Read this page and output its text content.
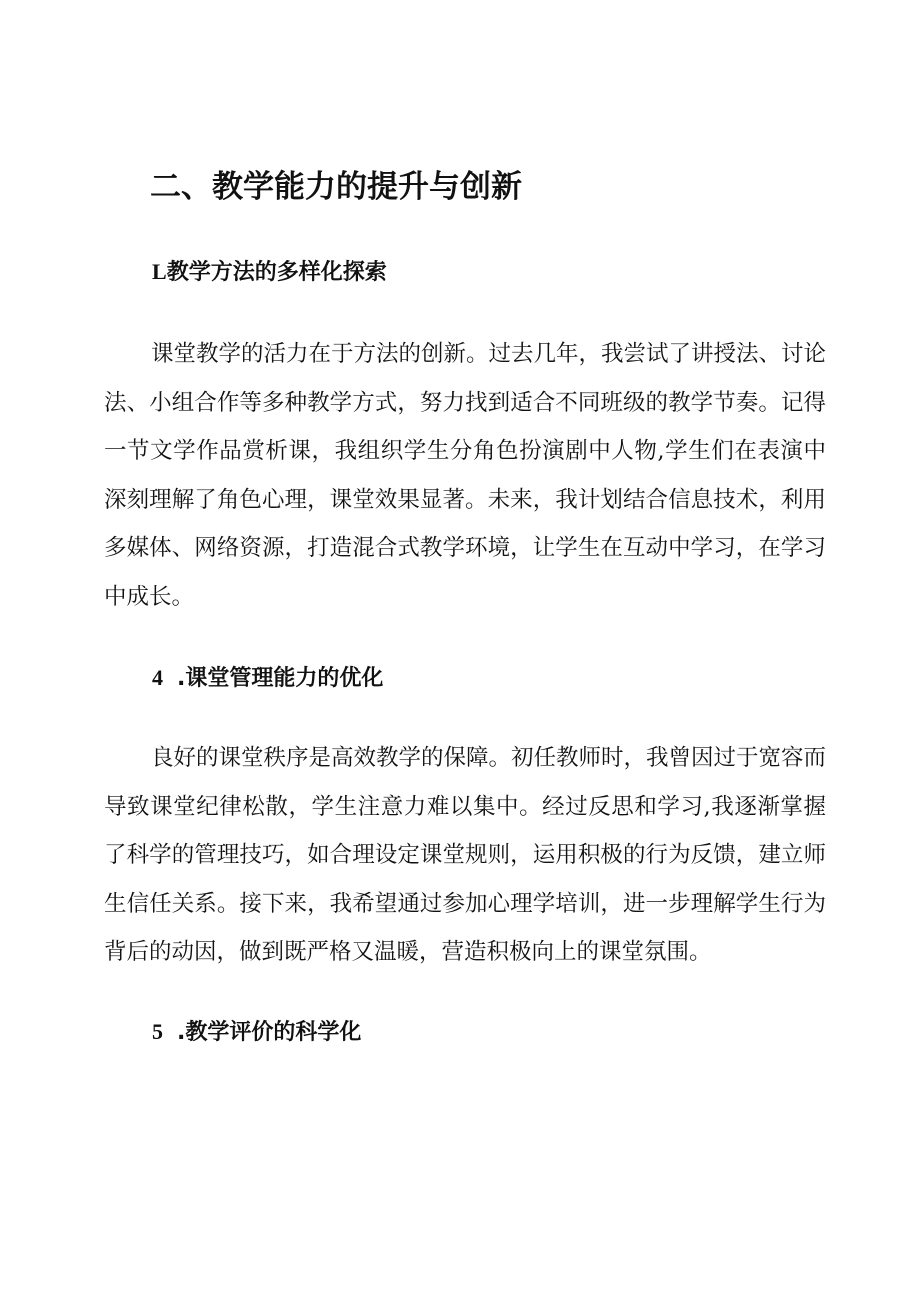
二、教学能力的提升与创新
L教学方法的多样化探索

课堂教学的活力在于方法的创新。过去几年，我尝试了讲授法、讨论法、小组合作等多种教学方式，努力找到适合不同班级的教学节奏。记得一节文学作品赏析课，我组织学生分角色扮演剧中人物,学生们在表演中深刻理解了角色心理，课堂效果显著。未来，我计划结合信息技术，利用多媒体、网络资源，打造混合式教学环境，让学生在互动中学习，在学习中成长。

4 .课堂管理能力的优化

良好的课堂秩序是高效教学的保障。初任教师时，我曾因过于宽容而导致课堂纪律松散，学生注意力难以集中。经过反思和学习,我逐渐掌握了科学的管理技巧，如合理设定课堂规则，运用积极的行为反馈，建立师生信任关系。接下来，我希望通过参加心理学培训，进一步理解学生行为背后的动因，做到既严格又温暖，营造积极向上的课堂氛围。

5 .教学评价的科学化
